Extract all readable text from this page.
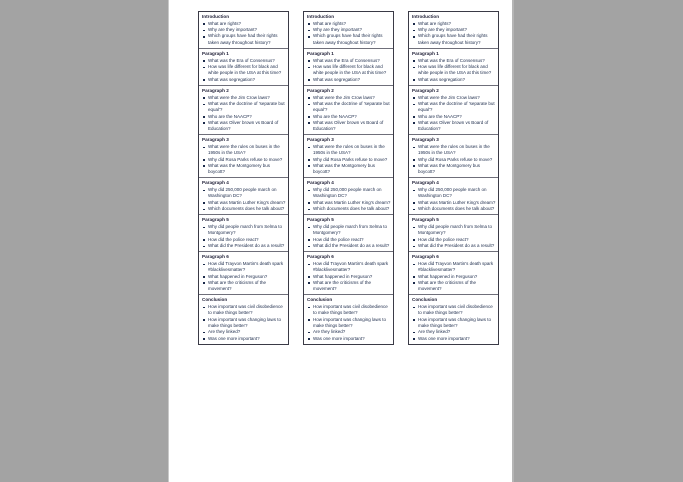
Introduction
What are rights?
Why are they important?
Which groups have had their rights taken away throughout history?
Paragraph 1
What was the Era of Consensus?
How was life different for black and white people in the USA at this time?
What was segregation?
Paragraph 2
What were the Jim Crow laws?
What was the doctrine of 'separate but equal'?
Who are the NAACP?
What was Oliver brown vs Board of Education?
Paragraph 3
What were the rules on buses in the 1950s in the USA?
Why did Rosa Parks refuse to move?
What was the Montgomery bus boycott?
Paragraph 4
Why did 250,000 people march on Washington DC?
What was Martin Luther King's dream?
Which documents does he talk about?
Paragraph 5
Why did people march from Selma to Montgomery?
How did the police react?
What did the President do as a result?
Paragraph 6
How did Trayvon Martin's death spark #blacklivesmatter?
What happened in Ferguson?
What are the criticisms of the movement?
Conclusion
How important was civil disobedience to make things better?
How important was changing laws to make things better?
Are they linked?
Was one more important?
Introduction
What are rights?
Why are they important?
Which groups have had their rights taken away throughout history?
Paragraph 1
What was the Era of Consensus?
How was life different for black and white people in the USA at this time?
What was segregation?
Paragraph 2
What were the Jim Crow laws?
What was the doctrine of 'separate but equal'?
Who are the NAACP?
What was Oliver brown vs Board of Education?
Paragraph 3
What were the rules on buses in the 1950s in the USA?
Why did Rosa Parks refuse to move?
What was the Montgomery bus boycott?
Paragraph 4
Why did 250,000 people march on Washington DC?
What was Martin Luther King's dream?
Which documents does he talk about?
Paragraph 5
Why did people march from Selma to Montgomery?
How did the police react?
What did the President do as a result?
Paragraph 6
How did Trayvon Martin's death spark #blacklivesmatter?
What happened in Ferguson?
What are the criticisms of the movement?
Conclusion
How important was civil disobedience to make things better?
How important was changing laws to make things better?
Are they linked?
Was one more important?
Introduction
What are rights?
Why are they important?
Which groups have had their rights taken away throughout history?
Paragraph 1
What was the Era of Consensus?
How was life different for black and white people in the USA at this time?
What was segregation?
Paragraph 2
What were the Jim Crow laws?
What was the doctrine of 'separate but equal'?
Who are the NAACP?
What was Oliver brown vs Board of Education?
Paragraph 3
What were the rules on buses in the 1950s in the USA?
Why did Rosa Parks refuse to move?
What was the Montgomery bus boycott?
Paragraph 4
Why did 250,000 people march on Washington DC?
What was Martin Luther King's dream?
Which documents does he talk about?
Paragraph 5
Why did people march from Selma to Montgomery?
How did the police react?
What did the President do as a result?
Paragraph 6
How did Trayvon Martin's death spark #blacklivesmatter?
What happened in Ferguson?
What are the criticisms of the movement?
Conclusion
How important was civil disobedience to make things better?
How important was changing laws to make things better?
Are they linked?
Was one more important?
